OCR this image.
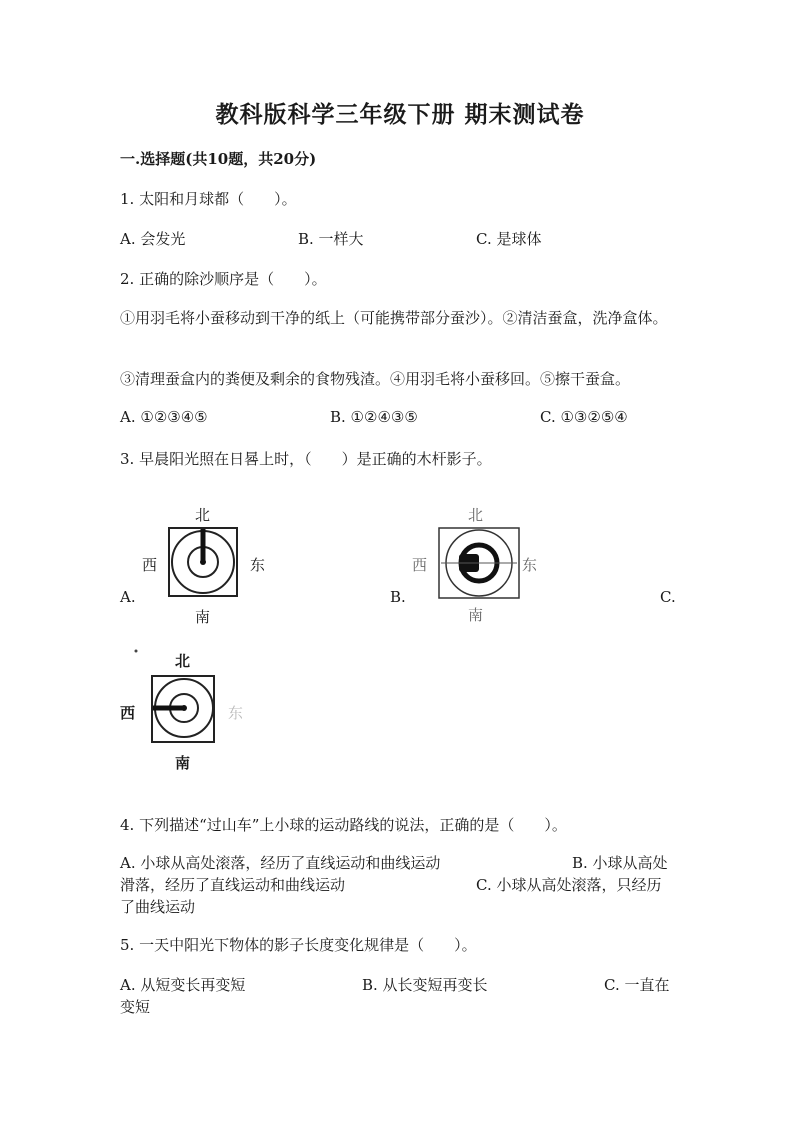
教科版科学三年级下册 期末测试卷
一.选择题(共10题，共20分)
1. 太阳和月球都（　　）。
A. 会发光	B. 一样大	C. 是球体
2. 正确的除沙顺序是（　　）。
①用羽毛将小蚕移动到干净的纸上（可能携带部分蚕沙）。②清洁蚕盒，洗净盒体。
③清理蚕盒内的粪便及剩余的食物残渣。④用羽毛将小蚕移回。⑤擦干蚕盒。
A. ①②③④⑤	B. ①②④③⑤	C. ①③②⑤④
3. 早晨阳光照在日晷上时，（　　）是正确的木杆影子。
A.	B.	C.
北
南
西	东
北
南
西	东
北
南
西	东
4. 下列描述“过山车”上小球的运动路线的说法，正确的是（　　）。
A. 小球从高处滚落，经历了直线运动和曲线运动	B. 小球从高处
滑落，经历了直线运动和曲线运动	C. 小球从高处滚落，只经历
了曲线运动
5. 一天中阳光下物体的影子长度变化规律是（　　）。
A. 从短变长再变短	B. 从长变短再变长	C. 一直在
变短
